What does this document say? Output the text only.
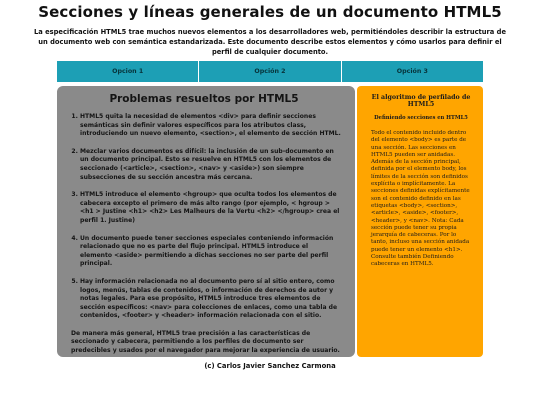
Secciones y líneas generales de un documento HTML5
La especificación HTML5 trae muchos nuevos elementos a los desarrolladores web, permitiéndoles describir la estructura de un documento web con semántica estandarizada. Este documento describe estos elementos y cómo usarlos para definir el perfil de cualquier documento.
Opcion 1	Opción 2	Opción 3
Problemas resueltos por HTML5
1. HTML5 quita la necesidad de elementos <div> para definir secciones semánticas sin definir valores específicos para los atributos class, introduciendo un nuevo elemento, <section>, el elemento de sección HTML.
2. Mezclar varios documentos es difícil: la inclusión de un sub-documento en un documento principal. Esto se resuelve en HTML5 con los elementos de seccionado (<article>, <section>, <nav> y <aside>) son siempre subsecciones de su sección ancestra más cercana.
3. HTML5 introduce el elemento <hgroup> que oculta todos los elementos de cabecera excepto el primero de más alto rango (por ejemplo, < hgroup > <h1 > Justine <h1> <h2> Les Malheurs de la Vertu <h2> </hgroup> crea el perfil 1. Justine)
4. Un documento puede tener secciones especiales conteniendo información relacionado que no es parte del flujo principal. HTML5 introduce el elemento <aside> permitiendo a dichas secciones no ser parte del perfil principal.
5. Hay información relacionada no al documento pero sí al sitio entero, como logos, menús, tablas de contenidos, o información de derechos de autor y notas legales. Para ese propósito, HTML5 introduce tres elementos de sección específicos: <nav> para colecciones de enlaces, como una tabla de contenidos, <footer> y <header> información relacionada con el sitio.

De manera más general, HTML5 trae precisión a las características de seccionado y cabecera, permitiendo a los perfiles de documento ser predecibles y usados por el navegador para mejorar la experiencia de usuario.

El algoritmo de perfilado de HTML5
Definiendo secciones en HTML5
Todo el contenido incluido dentro del elemento <body> es parte de una sección. Las secciones en HTML5 pueden ser anidadas. Además de la sección principal, definida por el elemento body, los límites de la sección son definidos explícita o implícitamente. La secciones definidas explícitamente son el contenido definido en las etiquetas <body>, <section>, <article>, <aside>, <footer>, <header>, y <nav>. Nota: Cada sección puede tener su propia jerarquía de cabeceras. Por lo tanto, incluso una sección anidada puede tener un elemento <h1>. Consulte también Definiendo cabeceras en HTML5.
(c) Carlos Javier Sanchez Carmona
